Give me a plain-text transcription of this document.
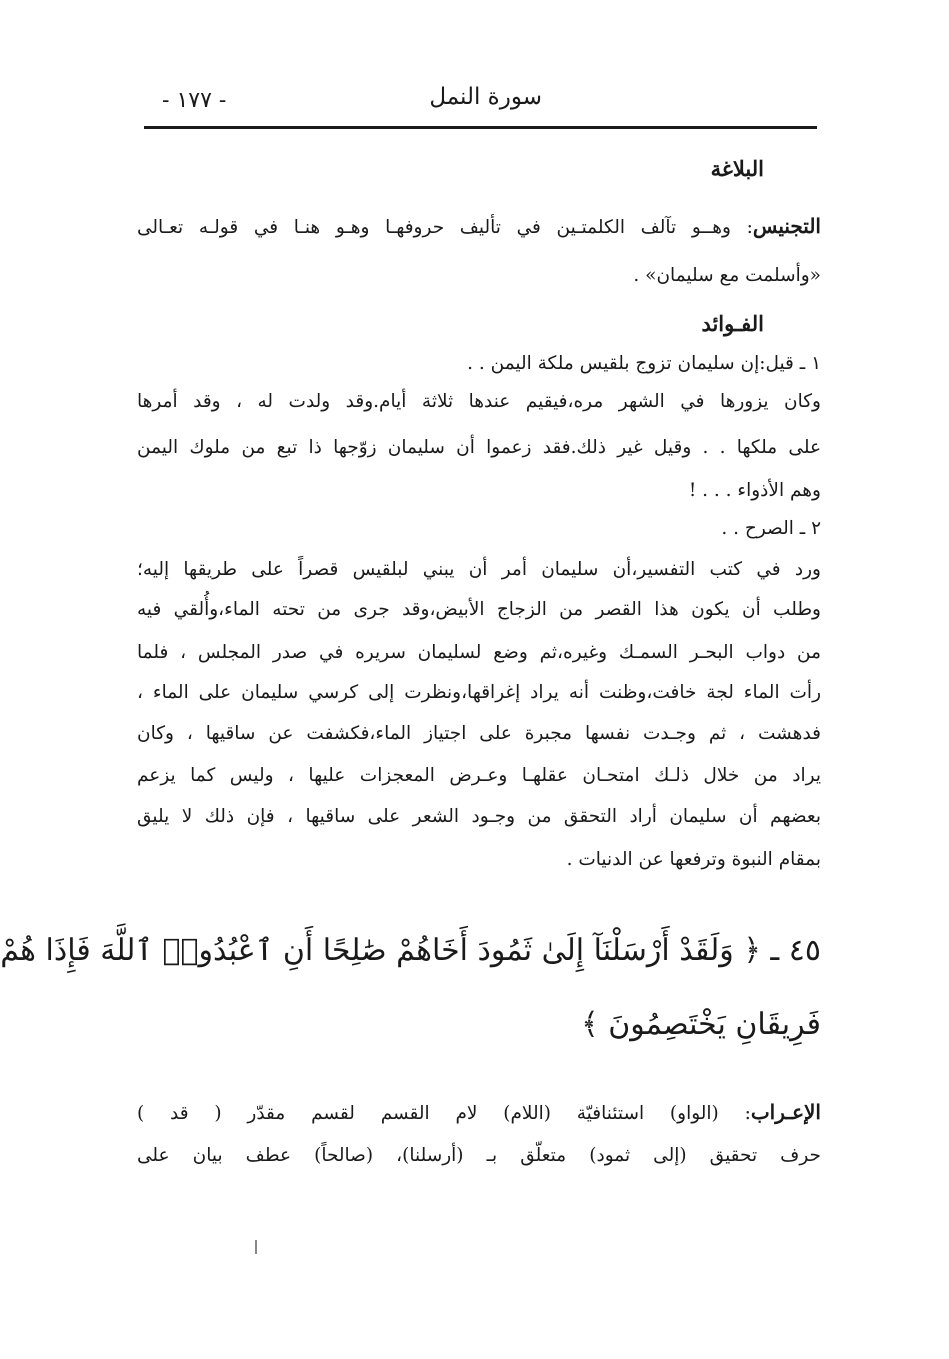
سورة النمل
- ١٧٧ -
البلاغة
التجنيس: وهــو تآلف الكلمتـين في تأليف حروفهـا وهـو هنـا في قولـه تعـالى
«وأسلمت مع سليمان» .
الفـوائد
١ ـ قيل:إن سليمان تزوج بلقيس ملكة اليمن . .
وكان يزورها في الشهر مره،فيقيم عندها ثلاثة أيام.وقد ولدت له ، وقد أمرها
على ملكها . . وقيل غير ذلك.فقد زعموا أن سليمان زوّجها ذا تبع من ملوك اليمن
وهم الأذواء . . . !
٢ ـ الصرح . .
ورد في كتب التفسير،أن سليمان أمر أن يبني لبلقيس قصراً على طريقها إليه؛
وطلب أن يكون هذا القصر من الزجاج الأبيض،وقد جرى من تحته الماء،وأُلقي فيه
من دواب البحـر السمـك وغيره،ثم وضع لسليمان سريره في صدر المجلس ، فلما
رأت الماء لجة خافت،وظنت أنه يراد إغراقها،ونظرت إلى كرسي سليمان على الماء ،
فدهشت ، ثم وجـدت نفسها مجبرة على اجتياز الماء،فكشفت عن ساقيها ، وكان
يراد من خلال ذلـك امتحـان عقلهـا وعـرض المعجزات عليها ، وليس كما يزعم
بعضهم أن سليمان أراد التحقق من وجـود الشعر على ساقيها ، فإن ذلك لا يليق
بمقام النبوة وترفعها عن الدنيات .
٤٥ ـ ﴿ وَلَقَدْ أَرْسَلْنَآ إِلَىٰ ثَمُودَ أَخَاهُمْ صَٰلِحًا أَنِ ٱعْبُدُوا۟ ٱللَّهَ فَإِذَا هُمْ
فَرِيقَانِ يَخْتَصِمُونَ ﴾
الإعـراب: (الواو) استئنافيّة (اللام) لام القسم لقسم مقدّر ( قد )
حرف تحقيق (إلى ثمود) متعلّق بـ (أرسلنا)، (صالحاً) عطف بيان على
